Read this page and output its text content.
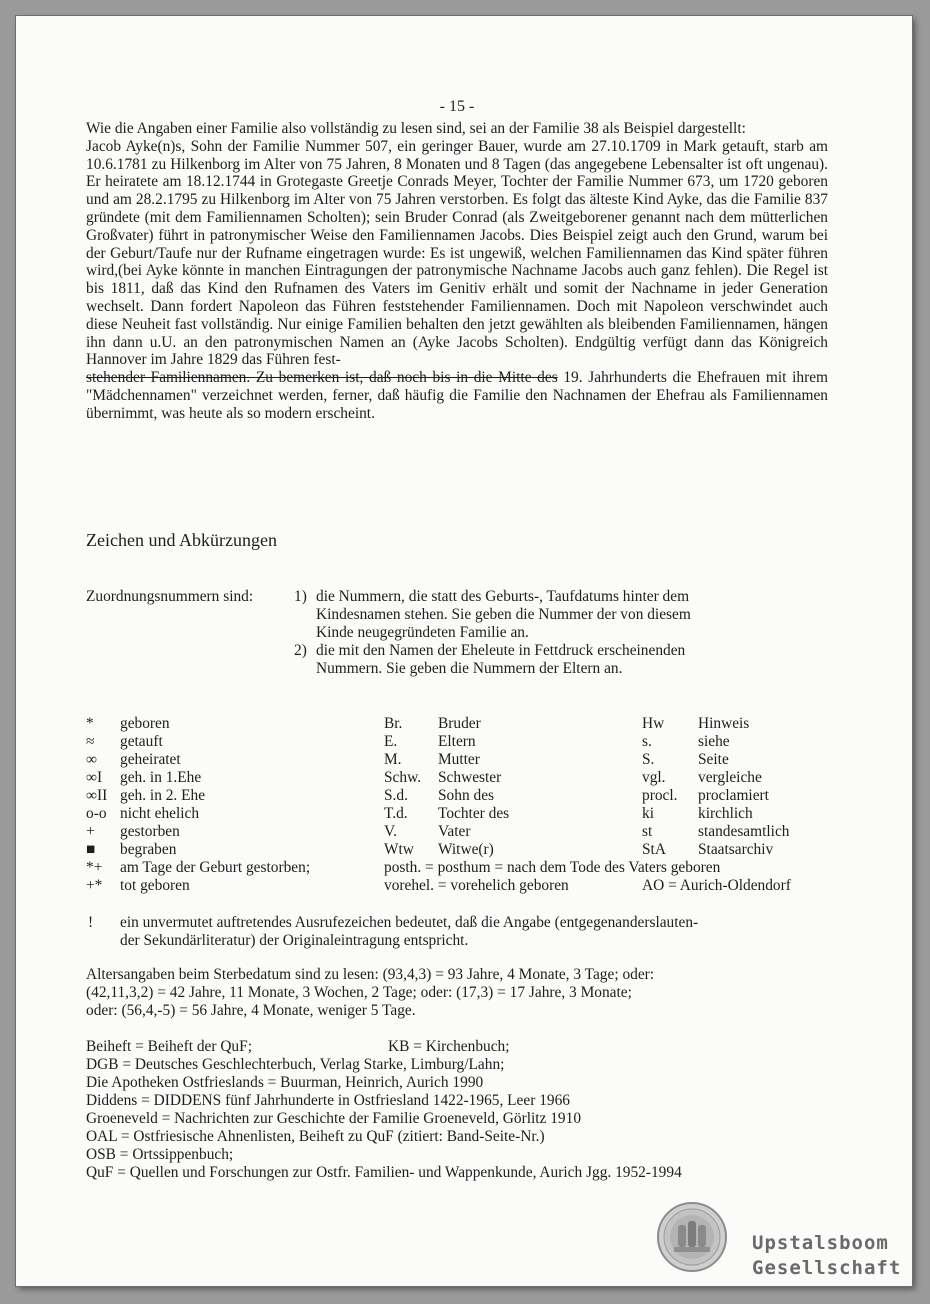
- 15 -

Wie die Angaben einer Familie also vollständig zu lesen sind, sei an der Familie 38 als Beispiel dargestellt:

Jacob Ayke(n)s, Sohn der Familie Nummer 507, ein geringer Bauer, wurde am 27.10.1709 in Mark getauft, starb am 10.6.1781 zu Hilkenborg im Alter von 75 Jahren, 8 Monaten und 8 Tagen (das angegebene Lebensalter ist oft ungenau). Er heiratete am 18.12.1744 in Grotegaste Greetje Conrads Meyer, Tochter der Familie Nummer 673, um 1720 geboren und am 28.2.1795 zu Hilkenborg im Alter von 75 Jahren verstorben. Es folgt das älteste Kind Ayke, das die Familie 837 gründete (mit dem Familiennamen Scholten); sein Bruder Conrad (als Zweitgeborener genannt nach dem mütterlichen Großvater) führt in patronymischer Weise den Familiennamen Jacobs. Dies Beispiel zeigt auch den Grund, warum bei der Geburt/Taufe nur der Rufname eingetragen wurde: Es ist ungewiß, welchen Familiennamen das Kind später führen wird,(bei Ayke könnte in manchen Eintragungen der patronymische Nachname Jacobs auch ganz fehlen). Die Regel ist bis 1811, daß das Kind den Rufnamen des Vaters im Genitiv erhält und somit der Nachname in jeder Generation wechselt. Dann fordert Napoleon das Führen feststehender Familiennamen. Doch mit Napoleon verschwindet auch diese Neuheit fast vollständig. Nur einige Familien behalten den jetzt gewählten als bleibenden Familiennamen, hängen ihn dann u.U. an den patronymischen Namen an (Ayke Jacobs Scholten). Endgültig verfügt dann das Königreich Hannover im Jahre 1829 das Führen fest-
stehender Familiennamen. Zu bemerken ist, daß noch bis in die Mitte des 19. Jahrhunderts die Ehefrauen mit ihrem "Mädchennamen" verzeichnet werden, ferner, daß häufig die Familie den Nachnamen der Ehefrau als Familiennamen übernimmt, was heute als so modern erscheint.

Zeichen und Abkürzungen
Zuordnungsnummern sind:	1) die Nummern, die statt des Geburts-, Taufdatums hinter dem
Kindesnamen stehen. Sie geben die Nummer der von diesem
Kinde neugegründeten Familie an.
2) die mit den Namen der Eheleute in Fettdruck erscheinenden
Nummern. Sie geben die Nummern der Eltern an.
*	geboren	Br. Bruder	Hw Hinweis
≈	getauft	E.	Eltern	s.	siehe
∞	geheiratet	M. Mutter	S.	Seite
∞I	geh. in 1.Ehe	Schw. Schwester	vgl. vergleiche
∞II geh. in 2. Ehe	S.d. Sohn des	procl. proclamiert
o-o nicht ehelich	T.d. Tochter des	ki	kirchlich
+	gestorben	V.	Vater	st	standesamtlich
■	begraben	Wtw Witwe(r)	StA Staatsarchiv
*+	am Tage der Geburt gestorben;	posth. = posthum = nach dem Tode des Vaters geboren
+*	tot geboren	vorehel. = vorehelich geboren	AO = Aurich-Oldendorf
! ein unvermutet auftretendes Ausrufezeichen bedeutet, daß die Angabe (entgegenanderslauten-
der Sekundärliteratur) der Originaleintragung entspricht.
Altersangaben beim Sterbedatum sind zu lesen: (93,4,3) = 93 Jahre, 4 Monate, 3 Tage; oder:
(42,11,3,2) = 42 Jahre, 11 Monate, 3 Wochen, 2 Tage; oder: (17,3) = 17 Jahre, 3 Monate;
oder: (56,4,-5) = 56 Jahre, 4 Monate, weniger 5 Tage.
Beiheft = Beiheft der QuF;	KB = Kirchenbuch;
DGB = Deutsches Geschlechterbuch, Verlag Starke, Limburg/Lahn;
Die Apotheken Ostfrieslands = Buurman, Heinrich, Aurich 1990
Diddens = DIDDENS fünf Jahrhunderte in Ostfriesland 1422-1965, Leer 1966
Groeneveld = Nachrichten zur Geschichte der Familie Groeneveld, Görlitz 1910
OAL = Ostfriesische Ahnenlisten, Beiheft zu QuF (zitiert: Band-Seite-Nr.)
OSB = Ortssippenbuch;
QuF = Quellen und Forschungen zur Ostfr. Familien- und Wappenkunde, Aurich Jgg. 1952-1994
Upstalsboom
Gesellschaft
